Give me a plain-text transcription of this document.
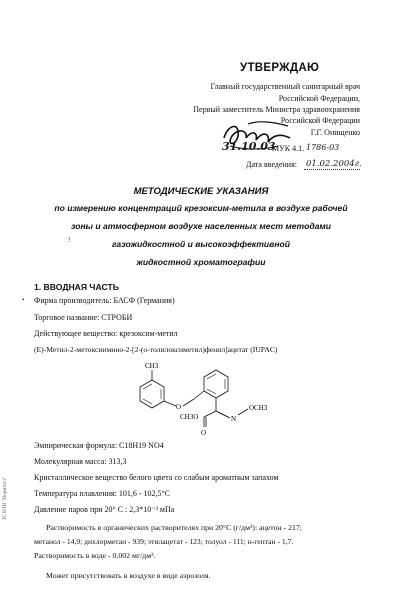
УТВЕРЖДАЮ
Главный государственный санитарный врач
Российской Федерации,
Первый заместитель Министра здравоохранения
Российской Федерации
Г.Г. Онищенко
31.10.03
МУК 4.1. 1786-03
Дата введения: 01.02.2004г.
МЕТОДИЧЕСКИЕ УКАЗАНИЯ
по измерению концентраций крезоксим-метила в воздухе рабочей
зоны и атмосферном воздухе населенных мест методами
газожидкостной и высокоэффективной
жидкостной хроматографии
!
1. ВВОДНАЯ ЧАСТЬ
Фирма производитель: БАСФ (Германия)
•
Торговое название: СТРОБИ
Действующее вещество: крезоксим-метил
(Е)-Метил-2-метоксиимино-2-[2-(о-толилоксиметил)фенил]ацетат (IUPAC)
CH3
O
CH3O
O
N
OCH3
Эмпирическая формула: C18H19 NO4
Молекулярная масса: 313,3
Кристаллическое вещество белого цвета со слабым ароматным запахом
Температура плавления: 101,6 - 102,5°С
Давление паров при 20° С : 2,3*10⁻³ мПа
Растворимость в органических растворителях при 20°С (г/дм³): ацетон - 217;
метанол - 14,9; дихлорметан - 939; этилацетат - 123; толуол - 111; н-гептан - 1,7.
Растворимость в воде - 0,002 мг/дм³.
Может присутствовать в воздухе в виде аэрозоля.
ЗС НТИ "Нормтест"
